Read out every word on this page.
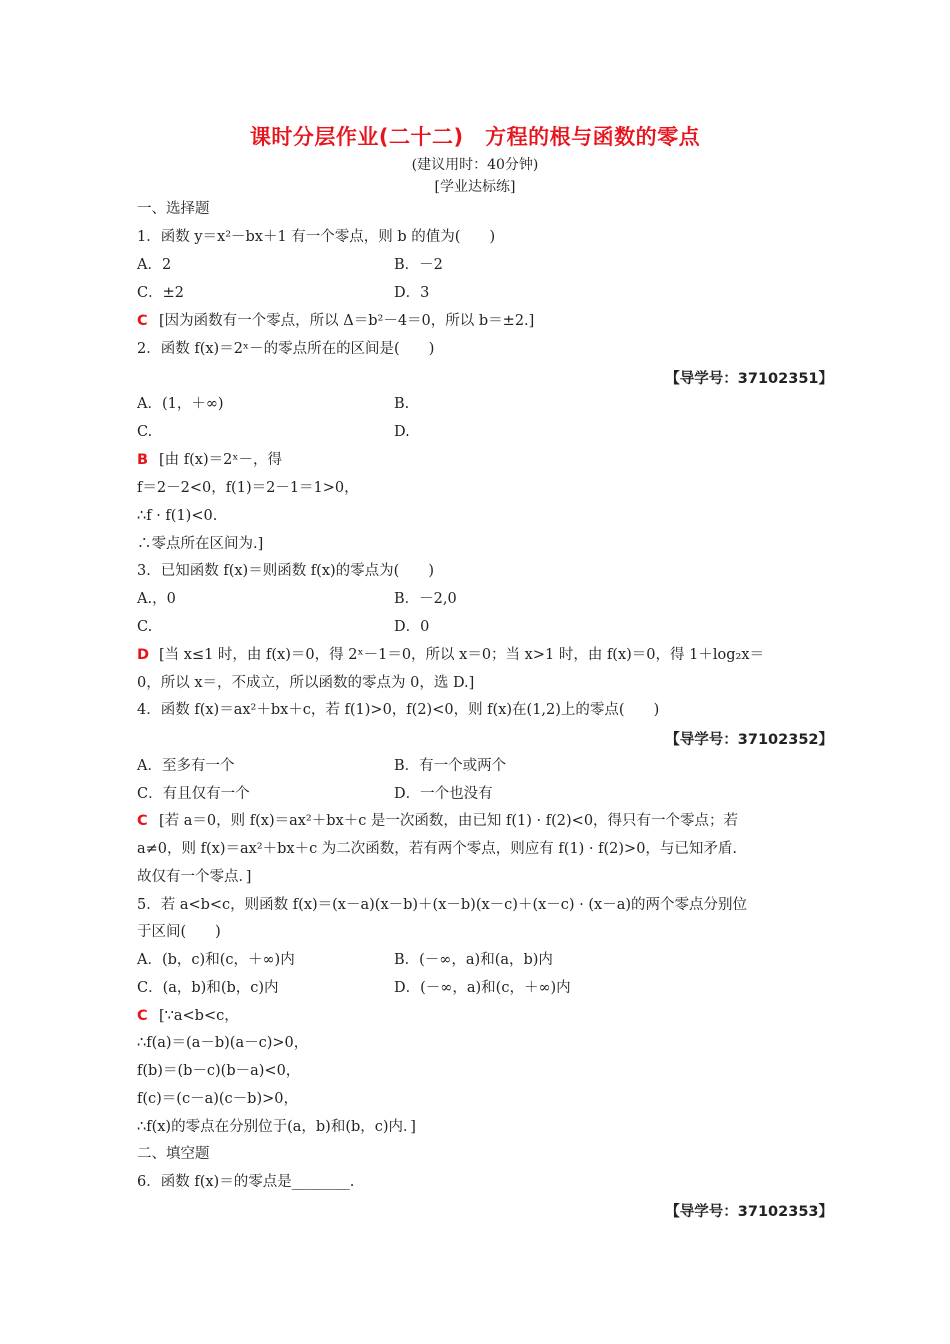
课时分层作业(二十二)　方程的根与函数的零点
(建议用时：40分钟)
[学业达标练]
一、选择题
1．函数 y＝x²－bx＋1 有一个零点，则 b 的值为(　　)
A．2	B．－2
C．±2	D．3
C [因为函数有一个零点，所以 Δ＝b²－4＝0，所以 b＝±2.]
2．函数 f(x)＝2ˣ－的零点所在的区间是(　　)
【导学号：37102351】
A．(1，＋∞)	B.
C.	D.
B [由 f(x)＝2ˣ－，得
f＝2－2<0，f(1)＝2－1＝1>0，
∴f · f(1)<0.
∴零点所在区间为.]
3．已知函数 f(x)＝则函数 f(x)的零点为(　　)
A.，0	B．－2,0
C.	D．0
D [当 x≤1 时，由 f(x)＝0，得 2ˣ－1＝0，所以 x＝0；当 x>1 时，由 f(x)＝0，得 1＋log₂x＝
0，所以 x＝，不成立，所以函数的零点为 0，选 D.]
4．函数 f(x)＝ax²＋bx＋c，若 f(1)>0，f(2)<0，则 f(x)在(1,2)上的零点(　　)
【导学号：37102352】
A．至多有一个	B．有一个或两个
C．有且仅有一个	D．一个也没有
C [若 a＝0，则 f(x)＝ax²＋bx＋c 是一次函数，由已知 f(1) · f(2)<0，得只有一个零点；若
a≠0，则 f(x)＝ax²＋bx＋c 为二次函数，若有两个零点，则应有 f(1) · f(2)>0，与已知矛盾.
故仅有一个零点．]
5．若 a<b<c，则函数 f(x)＝(x－a)(x－b)＋(x－b)(x－c)＋(x－c) · (x－a)的两个零点分别位
于区间(　　)
A．(b，c)和(c，＋∞)内	B．(－∞，a)和(a，b)内
C．(a，b)和(b，c)内	D．(－∞，a)和(c，＋∞)内
C [∵a<b<c，
∴f(a)＝(a－b)(a－c)>0，
f(b)＝(b－c)(b－a)<0，
f(c)＝(c－a)(c－b)>0，
∴f(x)的零点在分别位于(a，b)和(b，c)内．]
二、填空题
6．函数 f(x)＝的零点是________.
【导学号：37102353】
